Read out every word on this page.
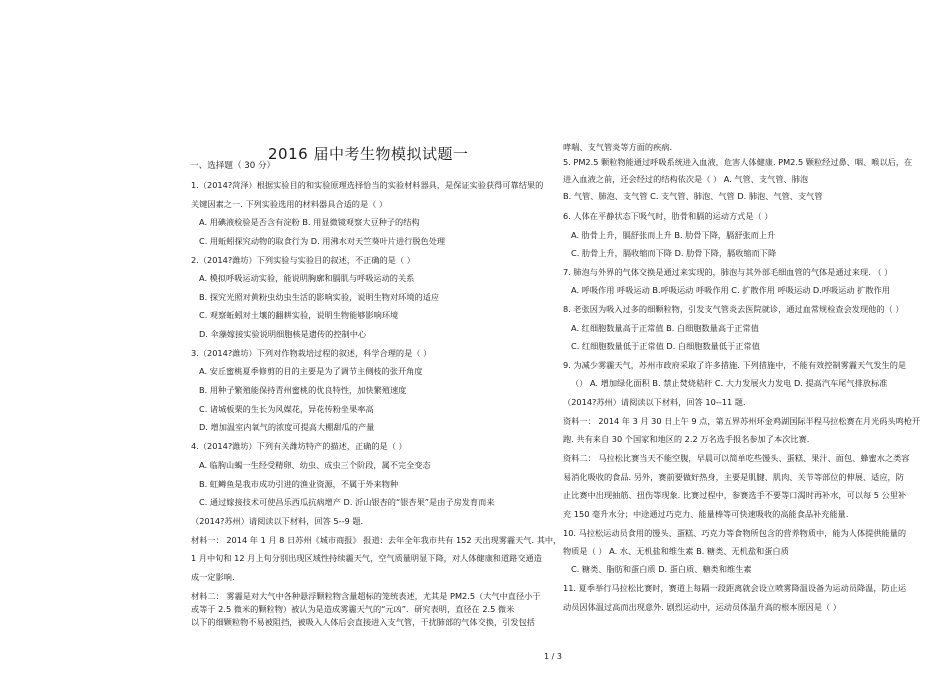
2016 届中考生物模拟试题一
一、选择题（ 30 分）
1.（2014?菏泽）根据实验目的和实验原理选择恰当的实验材料器具，是保证实验获得可靠结果的
关键因素之一. 下列实验选用的材料器具合适的是（ ）
A. 用碘液检验是否含有淀粉 B. 用显微镜观察大豆种子的结构
C. 用蚯蚓探究动物的取食行为 D. 用沸水对天竺葵叶片进行脱色处理
2.（2014?潍坊）下列实验与实验目的叙述，不正确的是（ ）
A. 模拟呼吸运动实验，能说明胸廓和膈肌与呼吸运动的关系
B. 探究光照对黄粉虫幼虫生活的影响实验，说明生物对环境的适应
C. 观察蚯蚓对土壤的翻耕实验，说明生物能够影响环境
D. 伞藻嫁接实验说明细胞核是遗传的控制中心
3.（2014?潍坊）下列对作物栽培过程的叙述，科学合理的是（ ）
A. 安丘蜜桃夏季修剪的目的主要是为了调节主侧枝的张开角度
B. 用种子繁殖能保持青州蜜桃的优良特性，加快繁殖速度
C. 诸城板栗的生长为风媒花，异花传粉坐果率高
D. 增加温室内氧气的浓度可提高大棚甜瓜的产量
4.（2014?潍坊）下列有关潍坊特产的描述，正确的是（ ）
A. 临朐山蝎一生经受精卵、幼虫、成虫三个阶段，属不完全变态
B. 虹鳟鱼是我市成功引进的渔业资源，不属于外来物种
C. 通过嫁接技术可使昌乐西瓜抗病增产 D. 沂山银杏的“银杏果”是由子房发育而来
（2014?苏州）请阅读以下材料，回答 5--9 题.
材料一： 2014 年 1 月 8 日苏州《城市商报》 报道：去年全年我市共有 152 天出现雾霾天气. 其中，
1 月中旬和 12 月上旬分别出现区域性持续霾天气，空气质量明显下降，对人体健康和道路交通造
成一定影响.
材料二： 雾霾是对大气中各种悬浮颗粒物含量超标的笼统表述，尤其是 PM2.5（大气中直径小于
或等于 2.5 微米的颗粒物）被认为是造成雾霾天气的“元凶”．研究表明，直径在 2.5 微米
以下的细颗粒物不易被阻挡，被吸入人体后会直接进入支气管，干扰肺部的气体交换，引发包括
哮喘、支气管炎等方面的疾病.
5. PM2.5 颗粒物能通过呼吸系统进入血液，危害人体健康. PM2.5 颗粒经过鼻、咽、喉以后，在
进入血液之前，还会经过的结构依次是（ ） A. 气管、支气管、肺泡
B. 气管、肺泡、支气管 C. 支气管、肺泡、气管 D. 肺泡、气管、支气管
6. 人体在平静状态下吸气时，肋骨和膈的运动方式是（ ）
A. 肋骨上升，膈舒张而上升 B. 肋骨下降，膈舒张而上升
C. 肋骨上升，膈收缩而下降 D. 肋骨下降，膈收缩而下降
7. 肺泡与外界的气体交换是通过来实现的，肺泡与其外部毛细血管的气体是通过来现. （ ）
A. 呼吸作用 呼吸运动 B.呼吸运动 呼吸作用 C. 扩散作用 呼吸运动 D.呼吸运动 扩散作用
8. 老张因为吸入过多的细颗粒物，引发支气管炎去医院就诊，通过血常规检查会发现他的（ ）
A. 红细胞数量高于正常值 B. 白细胞数量高于正常值
C. 红细胞数量低于正常值 D. 白细胞数量低于正常值
9. 为减少雾霾天气，苏州市政府采取了许多措施. 下列措施中，不能有效控制雾霾天气发生的是
（） A. 增加绿化面积 B. 禁止焚烧秸秆 C. 大力发展火力发电 D. 提高汽车尾气排放标准
（2014?苏州）请阅读以下材料，回答 10--11 题.
资料一： 2014 年 3 月 30 日上午 9 点，第五界苏州环金鸡湖国际半程马拉松赛在月光码头鸣枪开
跑. 共有来自 30 个国家和地区的 2.2 万名选手报名参加了本次比赛.
资料二： 马拉松比赛当天不能空腹，早晨可以简单吃些馒头、蛋糕、果汁、面包、蜂蜜水之类容
易消化吸收的食品. 另外，赛前要做好热身，主要是肌腱、肌肉、关节等部位的伸展、适应，防
止比赛中出现抽筋、扭伤等现象. 比赛过程中，参赛选手不要等口渴时再补水，可以每 5 公里补
充 150 毫升水分；中途通过巧克力、能量棒等可快速吸收的高能食品补充能量.
10. 马拉松运动员食用的馒头、蛋糕、巧克力等食物所包含的营养物质中，能为人体提供能量的
物质是（ ） A. 水、无机盐和维生素 B. 糖类、无机盐和蛋白质
C. 糖类、脂肪和蛋白质 D. 蛋白质、糖类和维生素
11. 夏季举行马拉松比赛时，赛道上每隔一段距离就会设立喷雾降温设备为运动员降温，防止运
动员因体温过高而出现意外. 剧烈运动中，运动员体温升高的根本原因是（ ）
1 / 3
